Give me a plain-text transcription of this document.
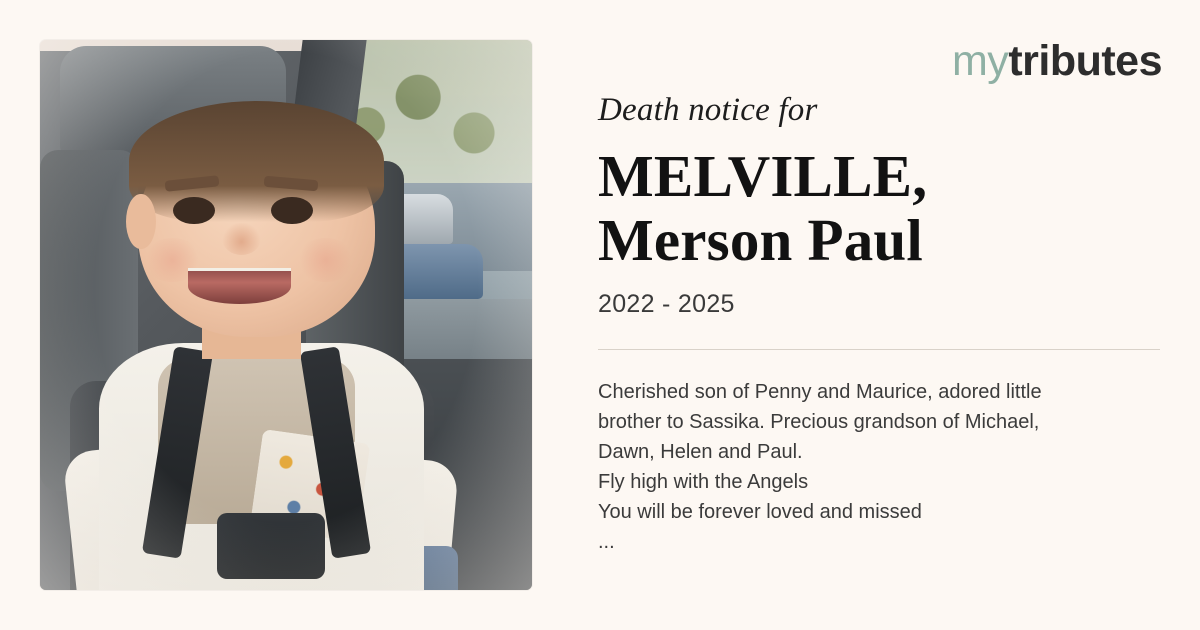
mytributes
Death notice for
MELVILLE,
Merson Paul
2022 - 2025

Cherished son of Penny and Maurice, adored little

brother to Sassika. Precious grandson of Michael,

Dawn, Helen and Paul.

Fly high with the Angels

You will be forever loved and missed

...
